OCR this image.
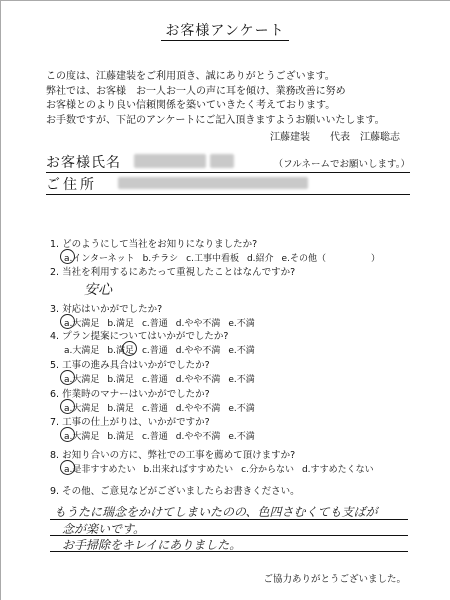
お客様アンケート
この度は、江藤建装をご利用頂き、誠にありがとうございます。
弊社では、お客様　お一人お一人の声に耳を傾け、業務改善に努め
お客様とのより良い信頼関係を築いていきたく考えております。
お手数ですが、下記のアンケートにご記入頂きますようお願いいたします。
江藤建装　　代表　江藤聡志
お客様氏名	（フルネームでお願いします。）
ご住所
1. どのようにして当社をお知りになりましたか?
a.インターネット b.チラシ c.工事中看板 d.紹介 e.その他（　　　　　）
2. 当社を利用するにあたって重視したことはなんですか?
安心
3. 対応はいかがでしたか?
a.大満足 b.満足 c.普通 d.やや不満 e.不満
4. プラン提案についてはいかがでしたか?
a.大満足 b.満足 c.普通 d.やや不満 e.不満
5. 工事の進み具合はいかがでしたか?
a.大満足 b.満足 c.普通 d.やや不満 e.不満
6. 作業時のマナーはいかがでしたか?
a.大満足 b.満足 c.普通 d.やや不満 e.不満
7. 工事の仕上がりは、いかがですか?
a.大満足 b.満足 c.普通 d.やや不満 e.不満
8. お知り合いの方に、弊社での工事を薦めて頂けますか?
a.是非すすめたい b.出来ればすすめたい c.分からない d.すすめたくない
9. その他、ご意見などがございましたらお書きください。
もうたに瑞念をかけてしまいたのの、色四さむくても支ばが
念が楽いです。
お手掃除をキレイにありました。
ご協力ありがとうございました。
